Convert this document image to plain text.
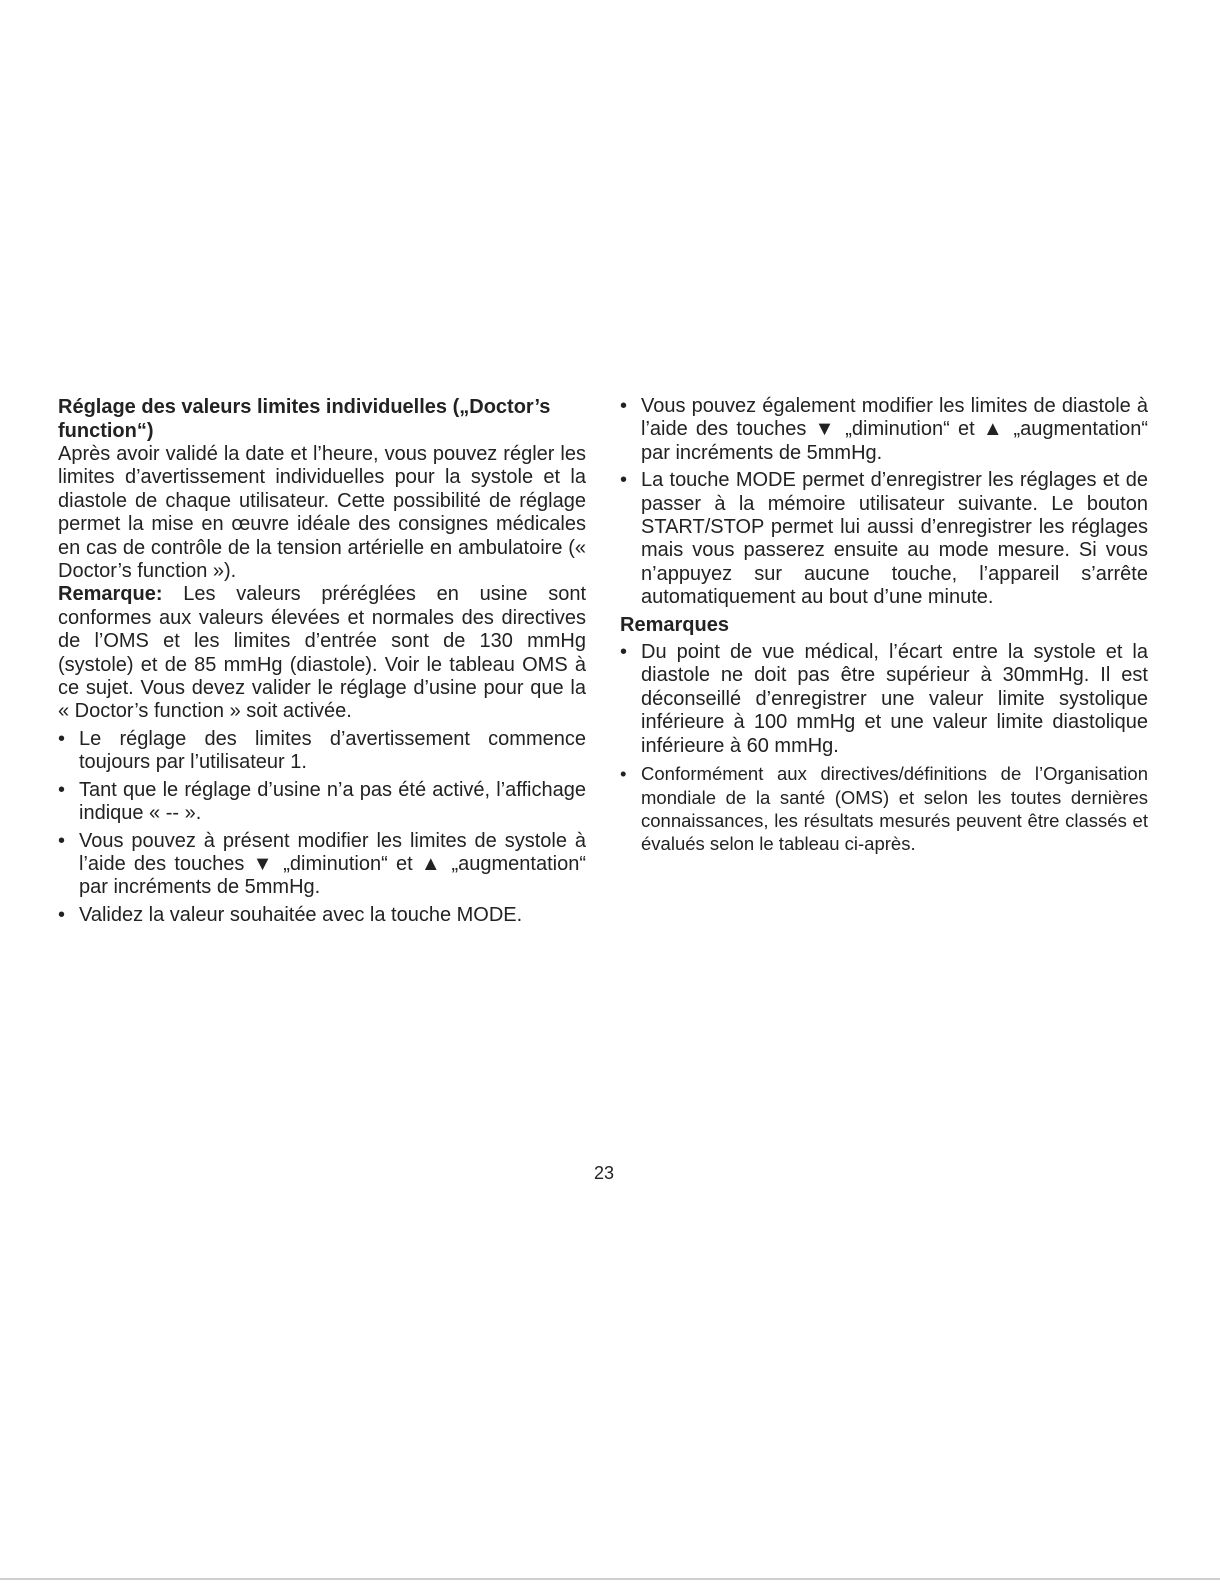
Réglage des valeurs limites individuelles („Doctor’s function“)

Après avoir validé la date et l’heure, vous pouvez régler les limites d’avertissement individuelles pour la systole et la diastole de chaque utilisateur. Cette possibilité de réglage permet la mise en œuvre idéale des consignes médicales en cas de contrôle de la tension artérielle en ambulatoire (« Doctor’s function »).

Remarque: Les valeurs préréglées en usine sont conformes aux valeurs élevées et normales des directives de l’OMS et les limites d’entrée sont de 130 mmHg (systole) et de 85 mmHg (diastole). Voir le tableau OMS à ce sujet. Vous devez valider le réglage d’usine pour que la « Doctor’s function » soit activée.

• Le réglage des limites d’avertissement commence toujours par l’utilisateur 1.
• Tant que le réglage d’usine n’a pas été activé, l’affichage indique « -- ».
• Vous pouvez à présent modifier les limites de systole à l’aide des touches ▼ „diminution“ et ▲ „augmentation“ par incréments de 5mmHg.
• Validez la valeur souhaitée avec la touche MODE.
• Vous pouvez également modifier les limites de diastole à l’aide des touches ▼ „diminution“ et ▲ „augmentation“ par incréments de 5mmHg.
• La touche MODE permet d’enregistrer les réglages et de passer à la mémoire utilisateur suivante. Le bouton START/STOP permet lui aussi d’enregistrer les réglages mais vous passerez ensuite au mode mesure. Si vous n’appuyez sur aucune touche, l’appareil s’arrête automatiquement au bout d’une minute.
Remarques
• Du point de vue médical, l’écart entre la systole et la diastole ne doit pas être supérieur à 30mmHg. Il est déconseillé d’enregistrer une valeur limite systolique inférieure à 100 mmHg et une valeur limite diastolique inférieure à 60 mmHg.
• Conformément aux directives/définitions de l’Organisation mondiale de la santé (OMS) et selon les toutes dernières connaissances, les résultats mesurés peuvent être classés et évalués selon le tableau ci-après.
23
